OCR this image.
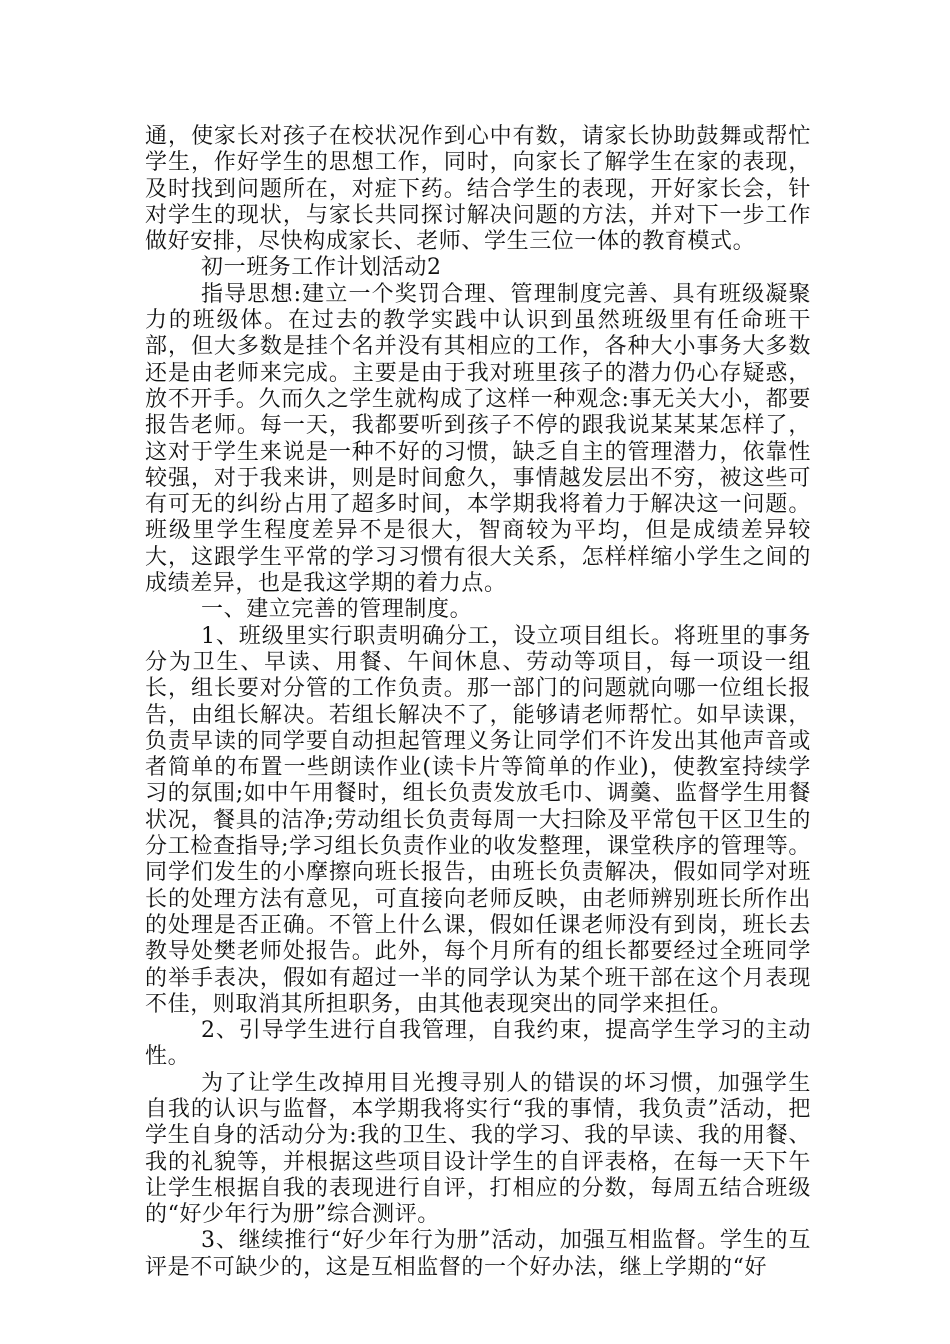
通，使家长对孩子在校状况作到心中有数，请家长协助鼓舞或帮忙学生，作好学生的思想工作，同时，向家长了解学生在家的表现，及时找到问题所在，对症下药。结合学生的表现，开好家长会，针对学生的现状，与家长共同探讨解决问题的方法，并对下一步工作做好安排，尽快构成家长、老师、学生三位一体的教育模式。

初一班务工作计划活动2

指导思想:建立一个奖罚合理、管理制度完善、具有班级凝聚力的班级体。在过去的教学实践中认识到虽然班级里有任命班干部，但大多数是挂个名并没有其相应的工作，各种大小事务大多数还是由老师来完成。主要是由于我对班里孩子的潜力仍心存疑惑，放不开手。久而久之学生就构成了这样一种观念:事无关大小，都要报告老师。每一天，我都要听到孩子不停的跟我说某某某怎样了，这对于学生来说是一种不好的习惯，缺乏自主的管理潜力，依靠性较强，对于我来讲，则是时间愈久，事情越发层出不穷，被这些可有可无的纠纷占用了超多时间，本学期我将着力于解决这一问题。班级里学生程度差异不是很大，智商较为平均，但是成绩差异较大，这跟学生平常的学习习惯有很大关系，怎样样缩小学生之间的成绩差异，也是我这学期的着力点。

一、建立完善的管理制度。

1、班级里实行职责明确分工，设立项目组长。将班里的事务分为卫生、早读、用餐、午间休息、劳动等项目，每一项设一组长，组长要对分管的工作负责。那一部门的问题就向哪一位组长报告，由组长解决。若组长解决不了，能够请老师帮忙。如早读课，负责早读的同学要自动担起管理义务让同学们不许发出其他声音或者简单的布置一些朗读作业(读卡片等简单的作业)，使教室持续学习的氛围;如中午用餐时，组长负责发放毛巾、调羹、监督学生用餐状况，餐具的洁净;劳动组长负责每周一大扫除及平常包干区卫生的分工检查指导;学习组长负责作业的收发整理，课堂秩序的管理等。同学们发生的小摩擦向班长报告，由班长负责解决，假如同学对班长的处理方法有意见，可直接向老师反映，由老师辨别班长所作出的处理是否正确。不管上什么课，假如任课老师没有到岗，班长去教导处樊老师处报告。此外，每个月所有的组长都要经过全班同学的举手表决，假如有超过一半的同学认为某个班干部在这个月表现不佳，则取消其所担职务，由其他表现突出的同学来担任。

2、引导学生进行自我管理，自我约束，提高学生学习的主动性。

为了让学生改掉用目光搜寻别人的错误的坏习惯，加强学生自我的认识与监督，本学期我将实行“我的事情，我负责”活动，把学生自身的活动分为:我的卫生、我的学习、我的早读、我的用餐、我的礼貌等，并根据这些项目设计学生的自评表格，在每一天下午让学生根据自我的表现进行自评，打相应的分数，每周五结合班级的“好少年行为册”综合测评。

3、继续推行“好少年行为册”活动，加强互相监督。学生的互评是不可缺少的，这是互相监督的一个好办法，继上学期的“好
